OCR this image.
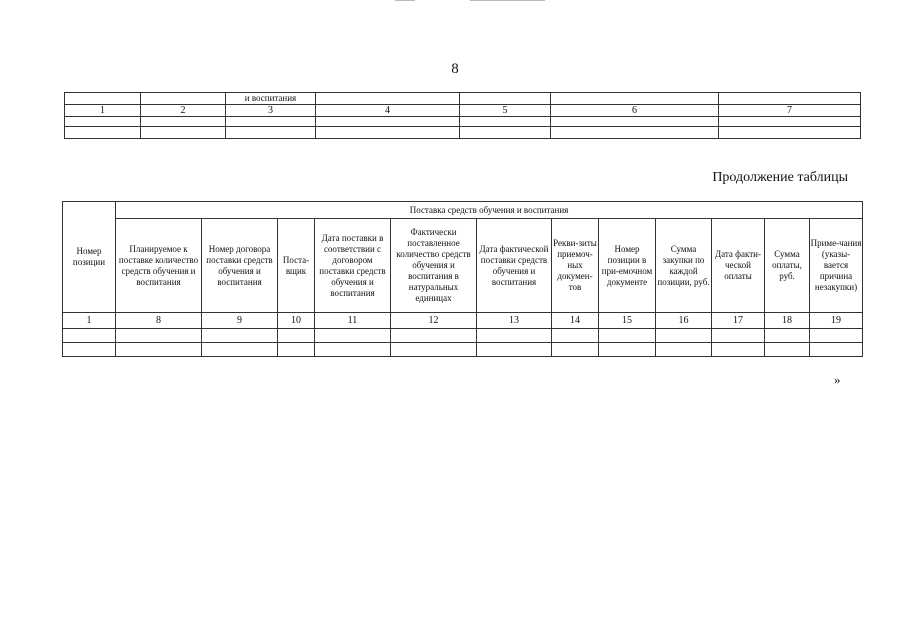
8
		и воспитания				
1	2	3	4	5	6	7

Продолжение таблицы
Номер позиции	Поставка средств обучения и воспитания											
	Планируемое к поставке количество средств обучения и воспитания	Номер договора поставки средств обучения и воспитания	Поста-вщик	Дата поставки в соответствии с договором поставки средств обучения и воспитания	Фактически поставленное количество средств обучения и воспитания в натуральных единицах	Дата фактической поставки средств обучения и воспитания	Рекви-зиты приемоч-ных докумен-тов	Номер позиции в при-емочном документе	Сумма закупки по каждой позиции, руб.	Дата факти-ческой оплаты	Сумма оплаты, руб.	Приме-чания (указы-вается причина незакупки)
1	8	9	10	11	12	13	14	15	16	17	18	19

»
